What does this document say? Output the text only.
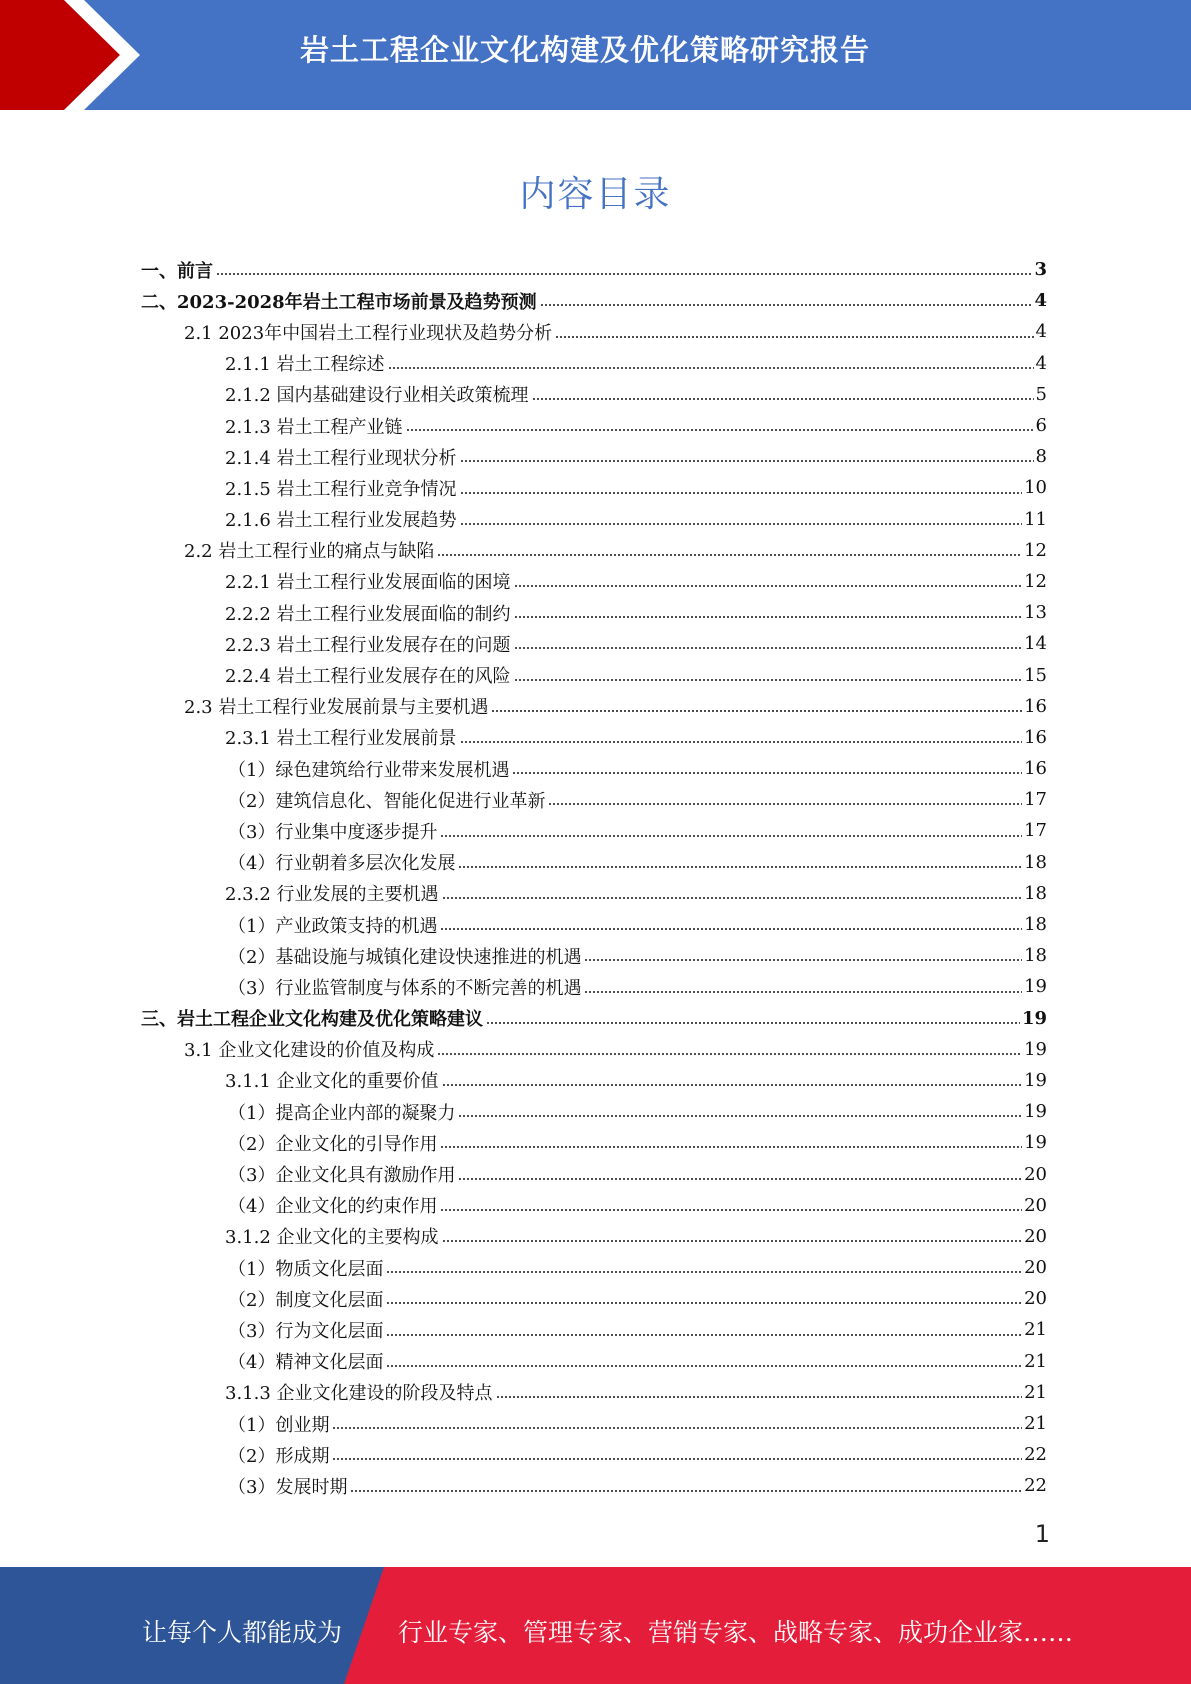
岩土工程企业文化构建及优化策略研究报告
内容目录
一、前言	3
二、2023-2028年岩土工程市场前景及趋势预测	4
2.1 2023年中国岩土工程行业现状及趋势分析	4
2.1.1 岩土工程综述	4
2.1.2 国内基础建设行业相关政策梳理	5
2.1.3 岩土工程产业链	6
2.1.4 岩土工程行业现状分析	8
2.1.5 岩土工程行业竞争情况	10
2.1.6 岩土工程行业发展趋势	11
2.2 岩土工程行业的痛点与缺陷	12
2.2.1 岩土工程行业发展面临的困境	12
2.2.2 岩土工程行业发展面临的制约	13
2.2.3 岩土工程行业发展存在的问题	14
2.2.4 岩土工程行业发展存在的风险	15
2.3 岩土工程行业发展前景与主要机遇	16
2.3.1 岩土工程行业发展前景	16
（1）绿色建筑给行业带来发展机遇	16
（2）建筑信息化、智能化促进行业革新	17
（3）行业集中度逐步提升	17
（4）行业朝着多层次化发展	18
2.3.2 行业发展的主要机遇	18
（1）产业政策支持的机遇	18
（2）基础设施与城镇化建设快速推进的机遇	18
（3）行业监管制度与体系的不断完善的机遇	19
三、岩土工程企业文化构建及优化策略建议	19
3.1 企业文化建设的价值及构成	19
3.1.1 企业文化的重要价值	19
（1）提高企业内部的凝聚力	19
（2）企业文化的引导作用	19
（3）企业文化具有激励作用	20
（4）企业文化的约束作用	20
3.1.2 企业文化的主要构成	20
（1）物质文化层面	20
（2）制度文化层面	20
（3）行为文化层面	21
（4）精神文化层面	21
3.1.3 企业文化建设的阶段及特点	21
（1）创业期	21
（2）形成期	22
（3）发展时期	22
1
让每个人都能成为 行业专家、管理专家、营销专家、战略专家、成功企业家……
